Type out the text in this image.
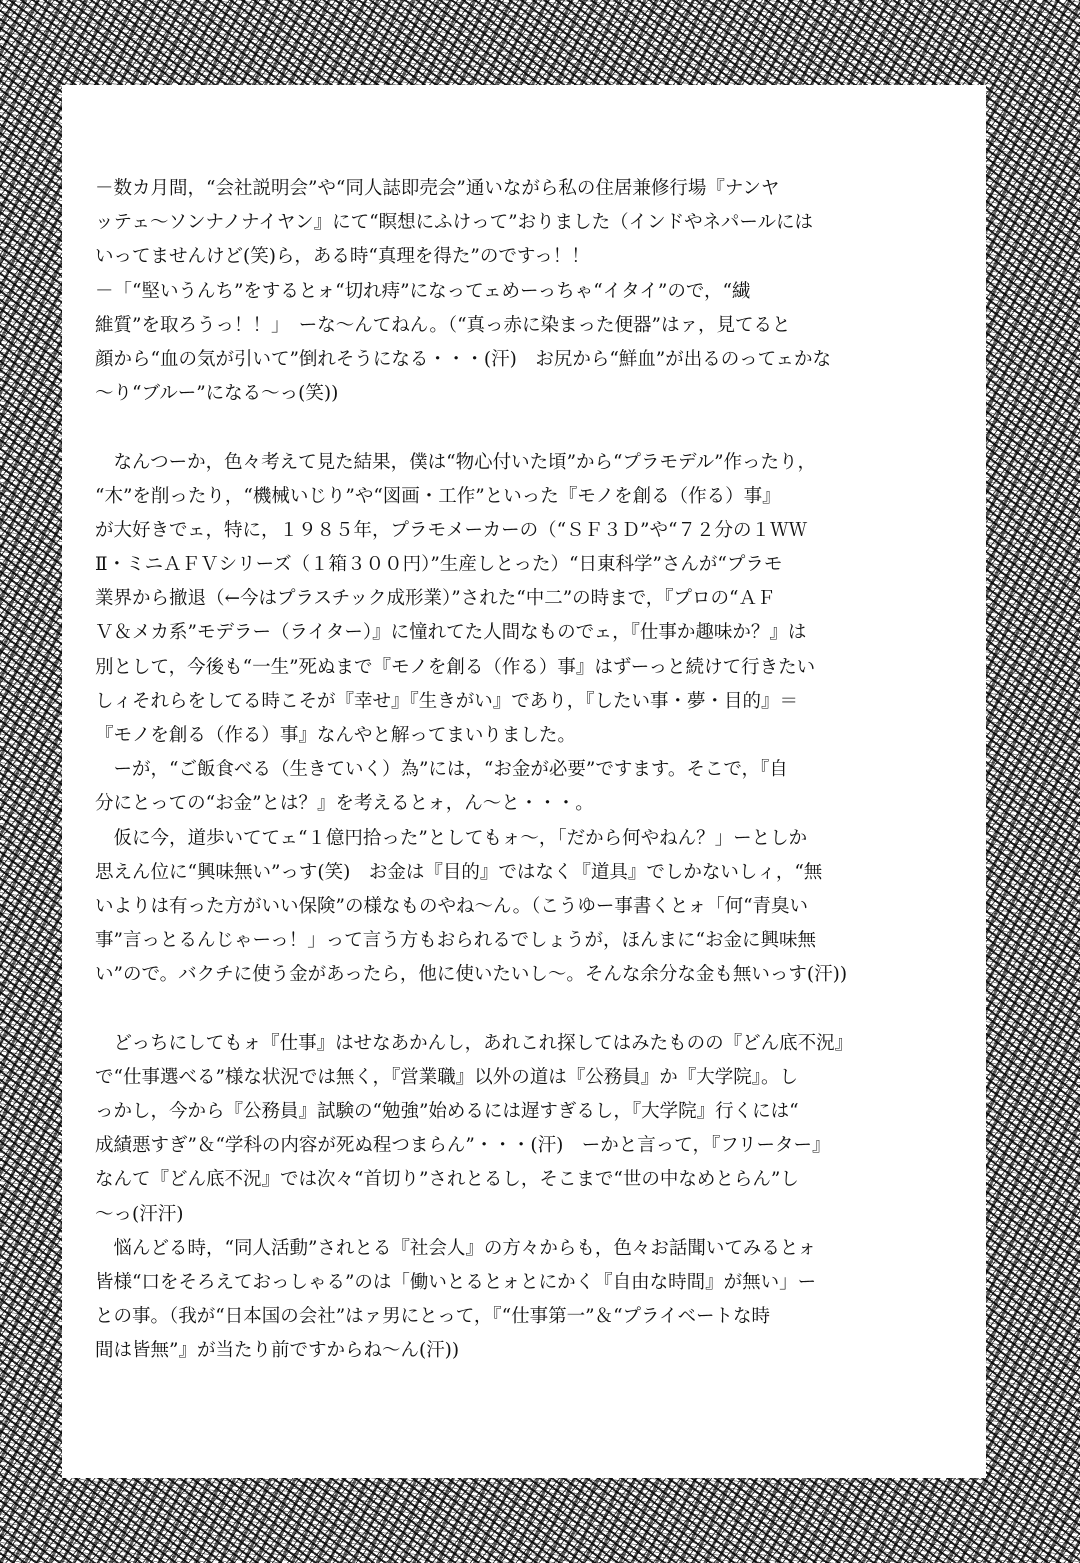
－数カ月間，“会社説明会”や“同人誌即売会”通いながら私の住居兼修行場『ナンヤ
ッテェ～ソンナノナイヤン』にて“瞑想にふけって”おりました（インドやネパールには
いってませんけど(笑)ら，ある時“真理を得た”のですっ！！
－「“堅いうんち”をするとォ“切れ痔”になってェめーっちゃ“イタイ”ので，“繊
維質”を取ろうっ！！」　ーな～んてねん。（“真っ赤に染まった便器”はァ，見てると
顔から“血の気が引いて”倒れそうになる・・・(汗)　お尻から“鮮血”が出るのってェかな
～り“ブルー”になる～っ(笑))
　なんつーか，色々考えて見た結果，僕は“物心付いた頃”から“プラモデル”作ったり，
“木”を削ったり，“機械いじり”や“図画・工作”といった『モノを創る（作る）事』
が大好きでェ，特に，１９８５年，プラモメーカーの（“ＳＦ３Ｄ”や“７２分の１ＷＷ
Ⅱ・ミニＡＦＶシリーズ（１箱３００円）”生産しとった）“日東科学”さんが“プラモ
業界から撤退（←今はプラスチック成形業）”された“中二”の時まで，『プロの“ＡＦ
Ｖ＆メカ系”モデラー（ライター）』に憧れてた人間なものでェ，『仕事か趣味か？』は
別として，今後も“一生”死ぬまで『モノを創る（作る）事』はずーっと続けて行きたい
しィそれらをしてる時こそが『幸せ』『生きがい』であり，『したい事・夢・目的』＝
『モノを創る（作る）事』なんやと解ってまいりました。
　ーが，“ご飯食べる（生きていく）為”には，“お金が必要”ですます。そこで，『自
分にとっての“お金”とは？』を考えるとォ，ん～と・・・。
　仮に今，道歩いててェ“１億円拾った”としてもォ～，「だから何やねん？」ーとしか
思えん位に“興味無い”っす(笑)　お金は『目的』ではなく『道具』でしかないしィ，“無
いよりは有った方がいい保険”の様なものやね～ん。（こうゆー事書くとォ「何“青臭い
事”言っとるんじゃーっ！」って言う方もおられるでしょうが，ほんまに“お金に興味無
い”ので。バクチに使う金があったら，他に使いたいし～。そんな余分な金も無いっす(汗))
　どっちにしてもォ『仕事』はせなあかんし，あれこれ探してはみたものの『どん底不況』
で“仕事選べる”様な状況では無く，『営業職』以外の道は『公務員』か『大学院』。し
っかし，今から『公務員』試験の“勉強”始めるには遅すぎるし，『大学院』行くには“
成績悪すぎ”＆“学科の内容が死ぬ程つまらん”・・・(汗)　ーかと言って，『フリーター』
なんて『どん底不況』では次々“首切り”されとるし，そこまで“世の中なめとらん”し
～っ(汗汗)
　悩んどる時，“同人活動”されとる『社会人』の方々からも，色々お話聞いてみるとォ
皆様“口をそろえておっしゃる”のは「働いとるとォとにかく『自由な時間』が無い」ー
との事。（我が“日本国の会社”はァ男にとって，『“仕事第一”＆“プライベートな時
間は皆無”』が当たり前ですからね～ん(汗))
